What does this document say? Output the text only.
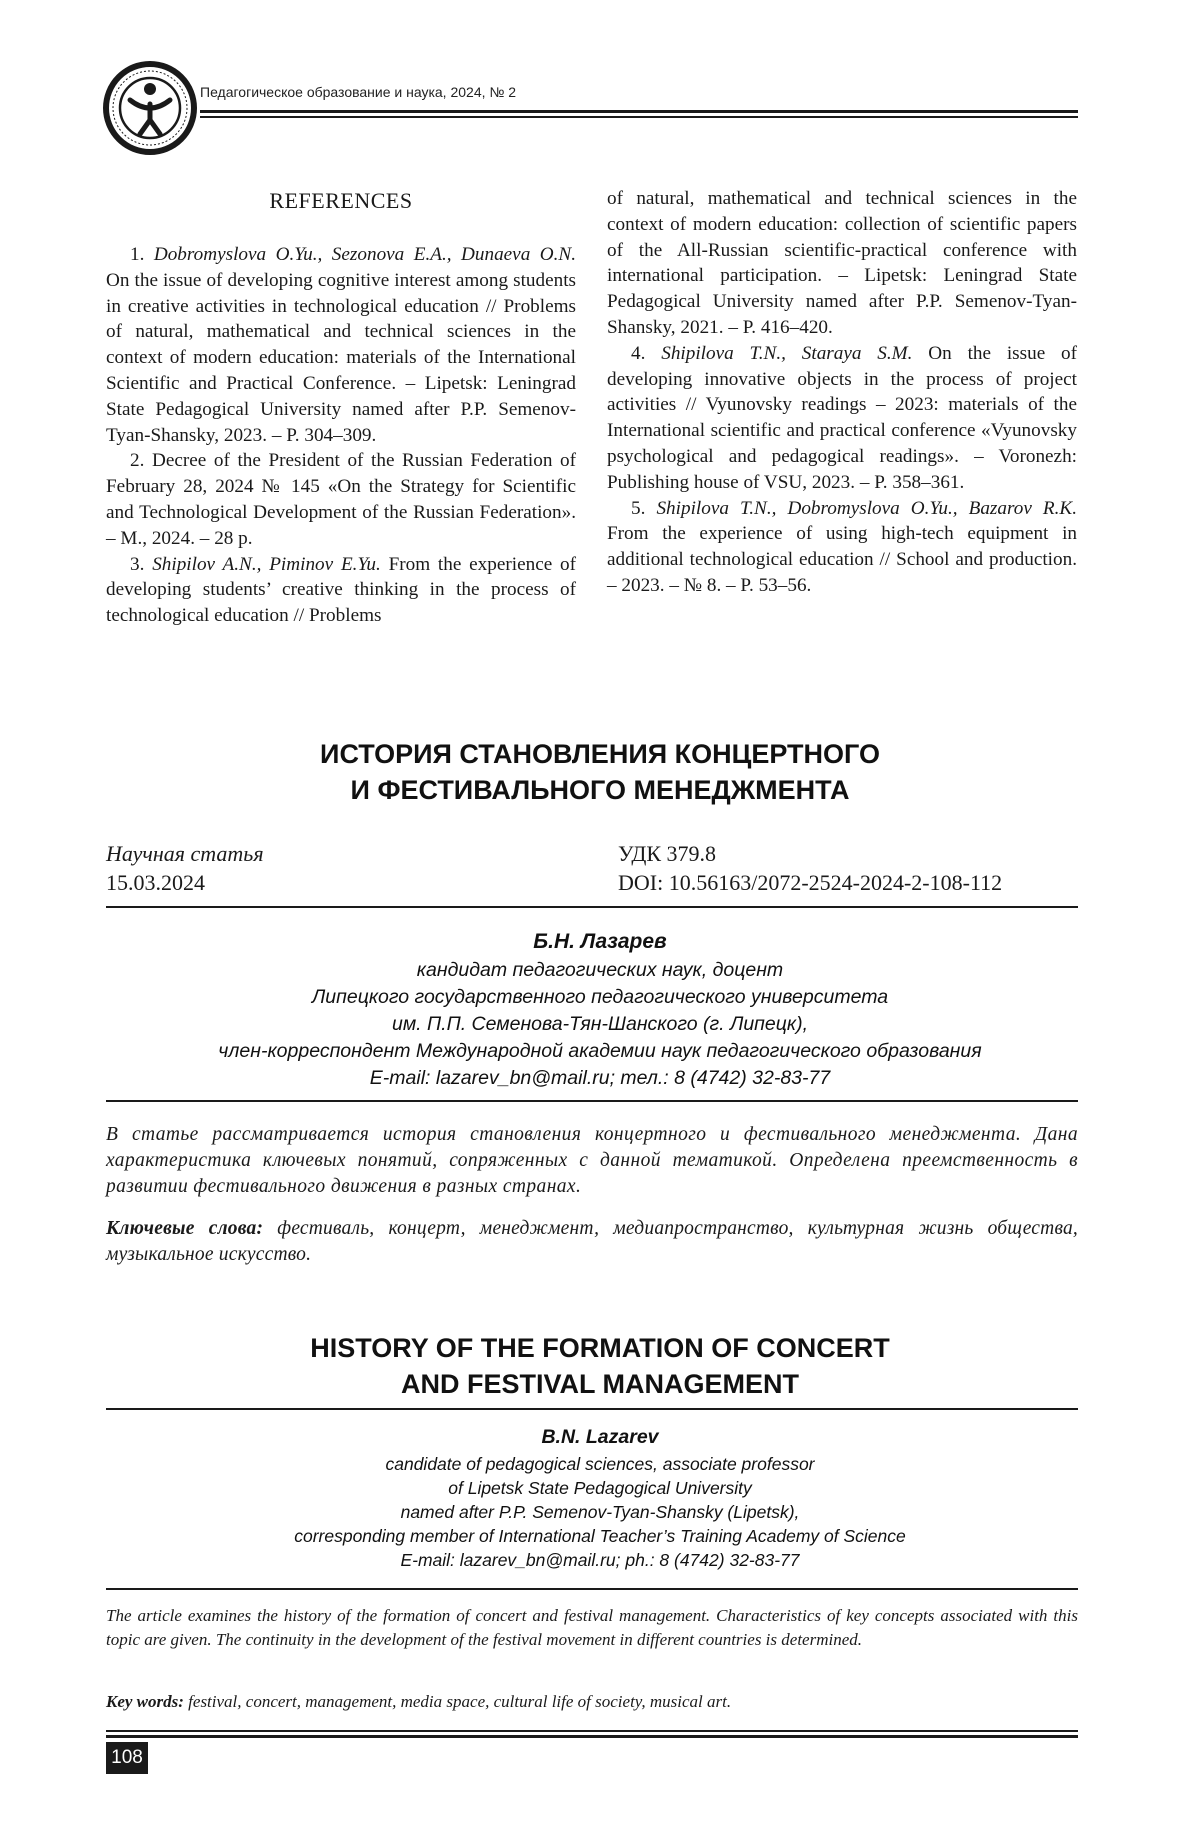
Педагогическое образование и наука, 2024, № 2
REFERENCES

1. Dobromyslova O.Yu., Sezonova E.A., Dunaeva O.N. On the issue of developing cognitive interest among students in creative activities in technological education // Problems of natural, mathematical and technical sciences in the context of modern education: materials of the International Scientific and Practical Conference. – Lipetsk: Leningrad State Pedagogical University named after P.P. Semenov-Tyan-Shansky, 2023. – P. 304–309.

2. Decree of the President of the Russian Federation of February 28, 2024 № 145 «On the Strategy for Scientific and Technological Development of the Russian Federation». – M., 2024. – 28 p.

3. Shipilov A.N., Piminov E.Yu. From the experience of developing students’ creative thinking in the process of technological education // Problems

of natural, mathematical and technical sciences in the context of modern education: collection of scientific papers of the All-Russian scientific-practical conference with international participation. – Lipetsk: Leningrad State Pedagogical University named after P.P. Semenov-Tyan-Shansky, 2021. – P. 416–420.

4. Shipilova T.N., Staraya S.M. On the issue of developing innovative objects in the process of project activities // Vyunovsky readings – 2023: materials of the International scientific and practical conference «Vyunovsky psychological and pedagogical readings». – Voronezh: Publishing house of VSU, 2023. – P. 358–361.

5. Shipilova T.N., Dobromyslova O.Yu., Bazarov R.K. From the experience of using high-tech equipment in additional technological education // School and production. – 2023. – № 8. – P. 53–56.

ИСТОРИЯ СТАНОВЛЕНИЯ КОНЦЕРТНОГО
И ФЕСТИВАЛЬНОГО МЕНЕДЖМЕНТА
Научная статья
15.03.2024
УДК 379.8
DOI: 10.56163/2072-2524-2024-2-108-112
Б.Н. Лазарев
кандидат педагогических наук, доцент
Липецкого государственного педагогического университета
им. П.П. Семенова-Тян-Шанского (г. Липецк),
член-корреспондент Международной академии наук педагогического образования
E-mail: lazarev_bn@mail.ru; тел.: 8 (4742) 32-83-77
В статье рассматривается история становления концертного и фестивального менеджмента. Дана характеристика ключевых понятий, сопряженных с данной тематикой. Определена преемственность в развитии фестивального движения в разных странах.
Ключевые слова: фестиваль, концерт, менеджмент, медиапространство, культурная жизнь общества, музыкальное искусство.
HISTORY OF THE FORMATION OF CONCERT
AND FESTIVAL MANAGEMENT
B.N. Lazarev
candidate of pedagogical sciences, associate professor
of Lipetsk State Pedagogical University
named after P.P. Semenov-Tyan-Shansky (Lipetsk),
corresponding member of International Teacher’s Training Academy of Science
E-mail: lazarev_bn@mail.ru; ph.: 8 (4742) 32-83-77
The article examines the history of the formation of concert and festival management. Characteristics of key concepts associated with this topic are given. The continuity in the development of the festival movement in different countries is determined.
Key words: festival, concert, management, media space, cultural life of society, musical art.
108
